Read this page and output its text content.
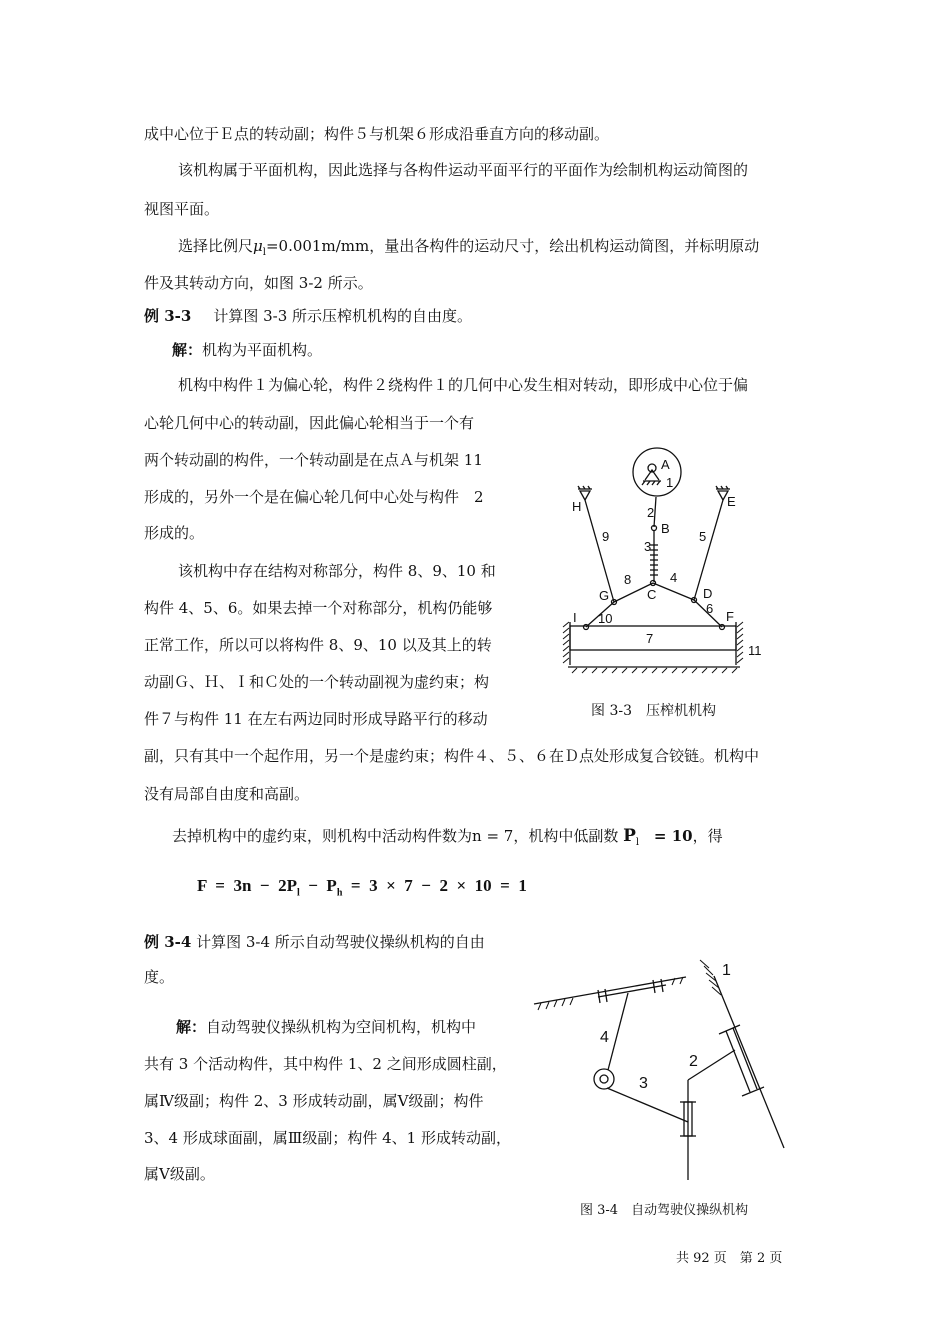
成中心位于Ｅ点的转动副；构件５与机架６形成沿垂直方向的移动副。
该机构属于平面机构，因此选择与各构件运动平面平行的平面作为绘制机构运动简图的
视图平面。
选择比例尺$\mu_l=0.001m/mm$，量出各构件的运动尺寸，绘出机构运动简图，并标明原动
件及其转动方向，如图 3-2 所示。
例 3-3 计算图 3-3 所示压榨机机构的自由度。
解：机构为平面机构。
机构中构件１为偏心轮，构件２绕构件１的几何中心发生相对转动，即形成中心位于偏
心轮几何中心的转动副，因此偏心轮相当于一个有
两个转动副的构件，一个转动副是在点Ａ与机架 11
形成的，另外一个是在偏心轮几何中心处与构件　2
形成的。
该机构中存在结构对称部分，构件 8、9、10 和
构件 4、5、6。如果去掉一个对称部分，机构仍能够
正常工作，所以可以将构件 8、9、10 以及其上的转
动副Ｇ、Ｈ、Ｉ和Ｃ处的一个转动副视为虚约束；构
件７与构件 11 在左右两边同时形成导路平行的移动
副，只有其中一个起作用，另一个是虚约束；构件４、５、６在Ｄ点处形成复合铰链。机构中
没有局部自由度和高副。
去掉机构中的虚约束，则机构中活动构件数为n = 7，机构中低副数 $P_l = 10$，得
$F = 3n - 2P_l - P_h = 3 \times 7 - 2 \times 10 = 1$
例 3-4 计算图 3-4 所示自动驾驶仪操纵机构的自由
度。
解：自动驾驶仪操纵机构为空间机构，机构中
共有 3 个活动构件，其中构件 1、2 之间形成圆柱副，
属Ⅳ级副；构件 2、3 形成转动副，属Ⅴ级副；构件
3、4 形成球面副，属Ⅲ级副；构件 4、1 形成转动副，
属Ⅴ级副。
A
1
2
B
3
H	E
9	5
8	4
G	C	D
6
I 10	F
7
11
图 3-3　压榨机机构
1
4
2
3
图 3-4　自动驾驶仪操纵机构
共 92 页　第 2 页
